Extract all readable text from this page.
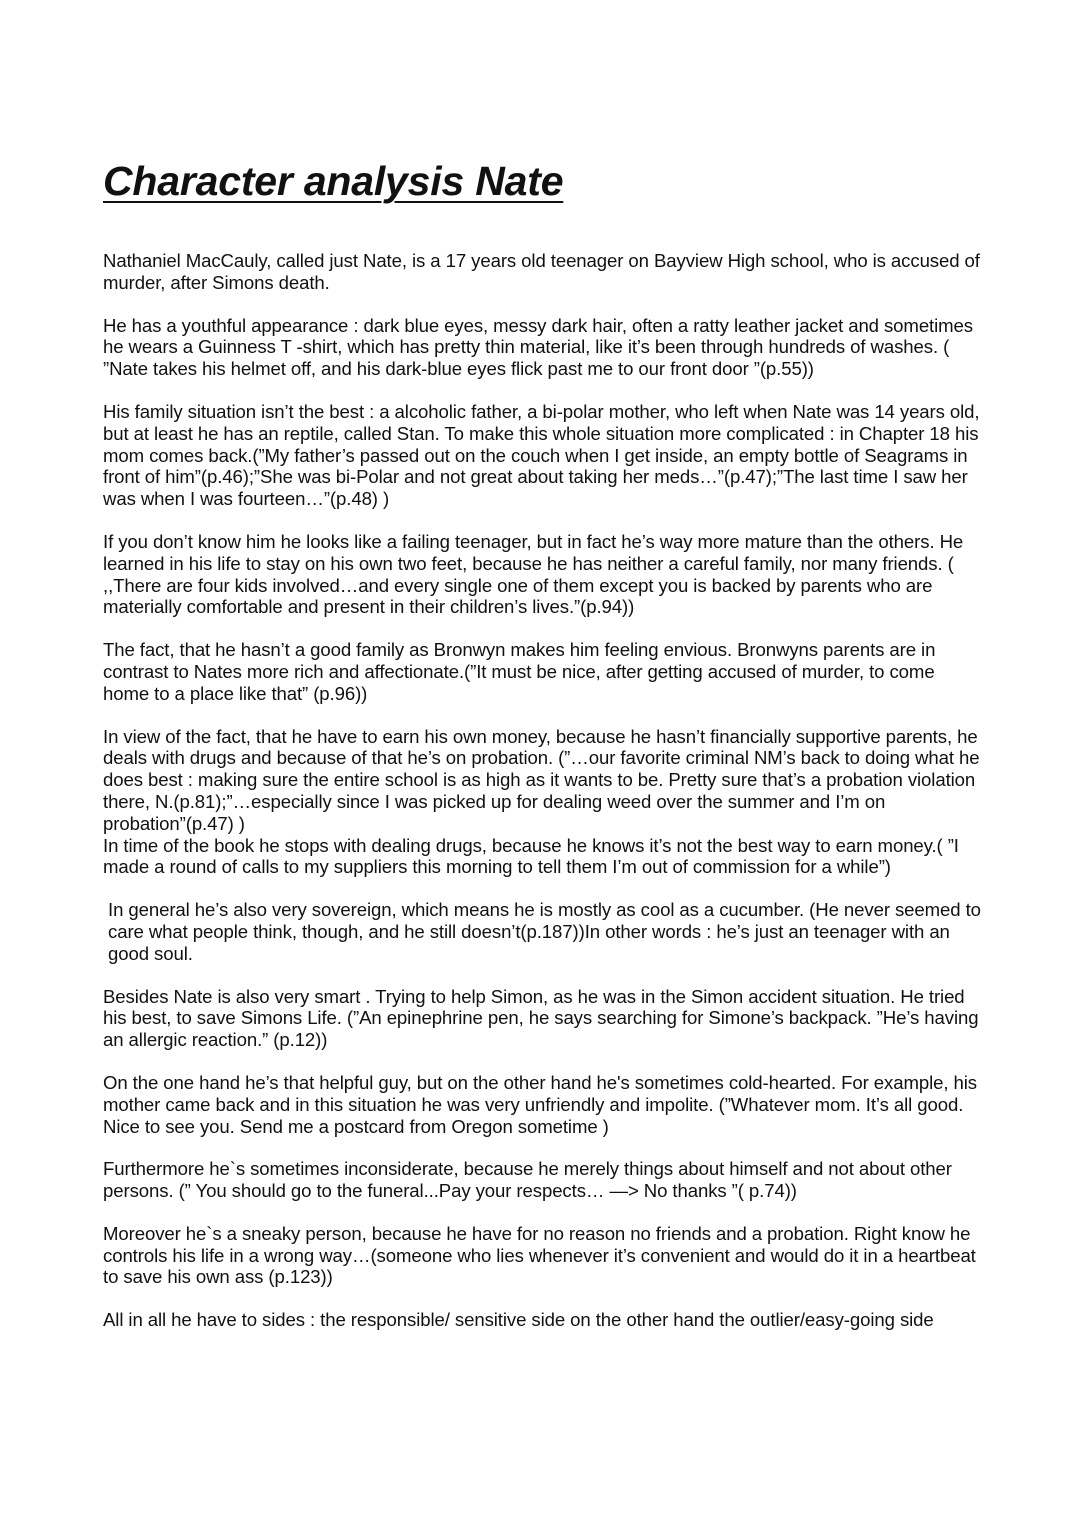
Character analysis Nate

Nathaniel MacCauly, called just Nate, is a 17 years old teenager on Bayview High school, who is accused of murder, after Simons death.

He has a youthful appearance : dark blue eyes, messy dark hair, often a ratty leather jacket and sometimes he wears a Guinness T -shirt, which has pretty thin material, like it’s been through hundreds of washes. ( ”Nate takes his helmet off, and his dark-blue eyes flick past me to our front door ”(p.55))

His family situation isn’t the best : a alcoholic father, a bi-polar mother, who left when Nate was 14 years old, but at least he has an reptile, called Stan. To make this whole situation more complicated : in Chapter 18 his mom comes back.(”My father’s passed out on the couch when I get inside, an empty bottle of Seagrams in front of him”(p.46);”She was bi-Polar and not great about taking her meds…”(p.47);”The last time I saw her was when I was fourteen…”(p.48) )

If you don’t know him he looks like a failing teenager, but in fact he’s way more mature than the others. He learned in his life to stay on his own two feet, because he has neither a careful family, nor many friends. ( ,,There are four kids involved…and every single one of them except you is backed by parents who are materially comfortable and present in their children’s lives.”(p.94))

The fact, that he hasn’t a good family as Bronwyn makes him feeling envious. Bronwyns parents are in contrast to Nates more rich and affectionate.(”It must be nice, after getting accused of murder, to come home to a place like that” (p.96))

In view of the fact, that he have to earn his own money, because he hasn’t financially supportive parents, he deals with drugs and because of that he’s on probation. (”…our favorite criminal NM’s back to doing what he does best : making sure the entire school is as high as it wants to be. Pretty sure that’s a probation violation there, N.(p.81);”…especially since I was picked up for dealing weed over the summer and I’m on probation”(p.47) )

In time of the book he stops with dealing drugs, because he knows it’s not the best way to earn money.( ”I made a round of calls to my suppliers this morning to tell them I’m out of commission for a while”)

In general he’s also very sovereign, which means he is mostly as cool as a cucumber. (He never seemed to care what people think, though, and he still doesn’t(p.187))In other words : he’s just an teenager with an good soul.

Besides Nate is also very smart . Trying to help Simon, as he was in the Simon accident situation. He tried his best, to save Simons Life. (”An epinephrine pen, he says searching for Simone’s backpack. ”He’s having an allergic reaction.” (p.12))

On the one hand he’s that helpful guy, but on the other hand he's sometimes cold-hearted. For example, his mother came back and in this situation he was very unfriendly and impolite. (”Whatever mom. It’s all good. Nice to see you. Send me a postcard from Oregon sometime )

Furthermore he`s sometimes inconsiderate, because he merely things about himself and not about other persons. (” You should go to the funeral...Pay your respects… —> No thanks ”( p.74))

Moreover he`s a sneaky person, because he have for no reason no friends and a probation. Right know he controls his life in a wrong way…(someone who lies whenever it’s convenient and would do it in a heartbeat to save his own ass (p.123))

All in all he have to sides : the responsible/ sensitive side on the other hand the outlier/easy-going side
